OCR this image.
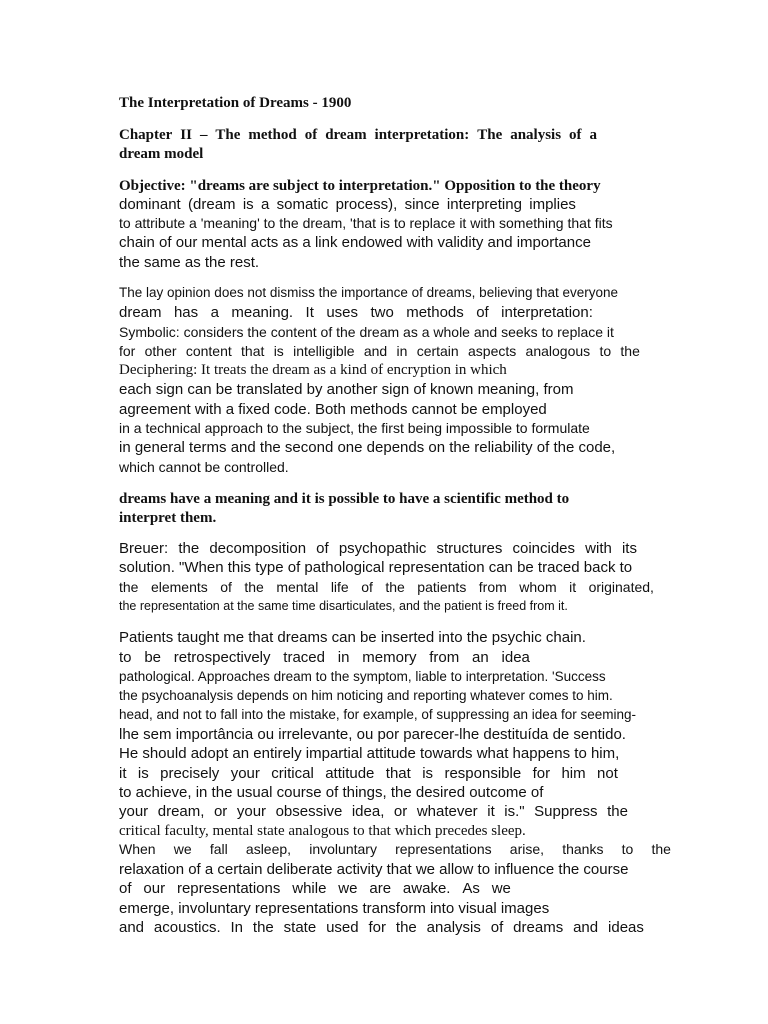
The Interpretation of Dreams - 1900
Chapter II – The method of dream interpretation: The analysis of a
dream model
Objective: "dreams are subject to interpretation." Opposition to the theory
dominant (dream is a somatic process), since interpreting implies
to attribute a 'meaning' to the dream, 'that is to replace it with something that fits
chain of our mental acts as a link endowed with validity and importance
the same as the rest.
The lay opinion does not dismiss the importance of dreams, believing that everyone
dream has a meaning. It uses two methods of interpretation:
Symbolic: considers the content of the dream as a whole and seeks to replace it
for other content that is intelligible and in certain aspects analogous to the
Deciphering: It treats the dream as a kind of encryption in which
each sign can be translated by another sign of known meaning, from
agreement with a fixed code. Both methods cannot be employed
in a technical approach to the subject, the first being impossible to formulate
in general terms and the second one depends on the reliability of the code,
which cannot be controlled.
dreams have a meaning and it is possible to have a scientific method to
interpret them.
Breuer: the decomposition of psychopathic structures coincides with its
solution. "When this type of pathological representation can be traced back to
the elements of the mental life of the patients from whom it originated,
the representation at the same time disarticulates, and the patient is freed from it.
Patients taught me that dreams can be inserted into the psychic chain.
to be retrospectively traced in memory from an idea
pathological. Approaches dream to the symptom, liable to interpretation. 'Success
the psychoanalysis depends on him noticing and reporting whatever comes to him.
head, and not to fall into the mistake, for example, of suppressing an idea for seeming-
lhe sem importância ou irrelevante, ou por parecer-lhe destituída de sentido.
He should adopt an entirely impartial attitude towards what happens to him,
it is precisely your critical attitude that is responsible for him not
to achieve, in the usual course of things, the desired outcome of
your dream, or your obsessive idea, or whatever it is." Suppress the
critical faculty, mental state analogous to that which precedes sleep.
When we fall asleep, involuntary representations arise, thanks to the
relaxation of a certain deliberate activity that we allow to influence the course
of our representations while we are awake. As we
emerge, involuntary representations transform into visual images
and acoustics. In the state used for the analysis of dreams and ideas
